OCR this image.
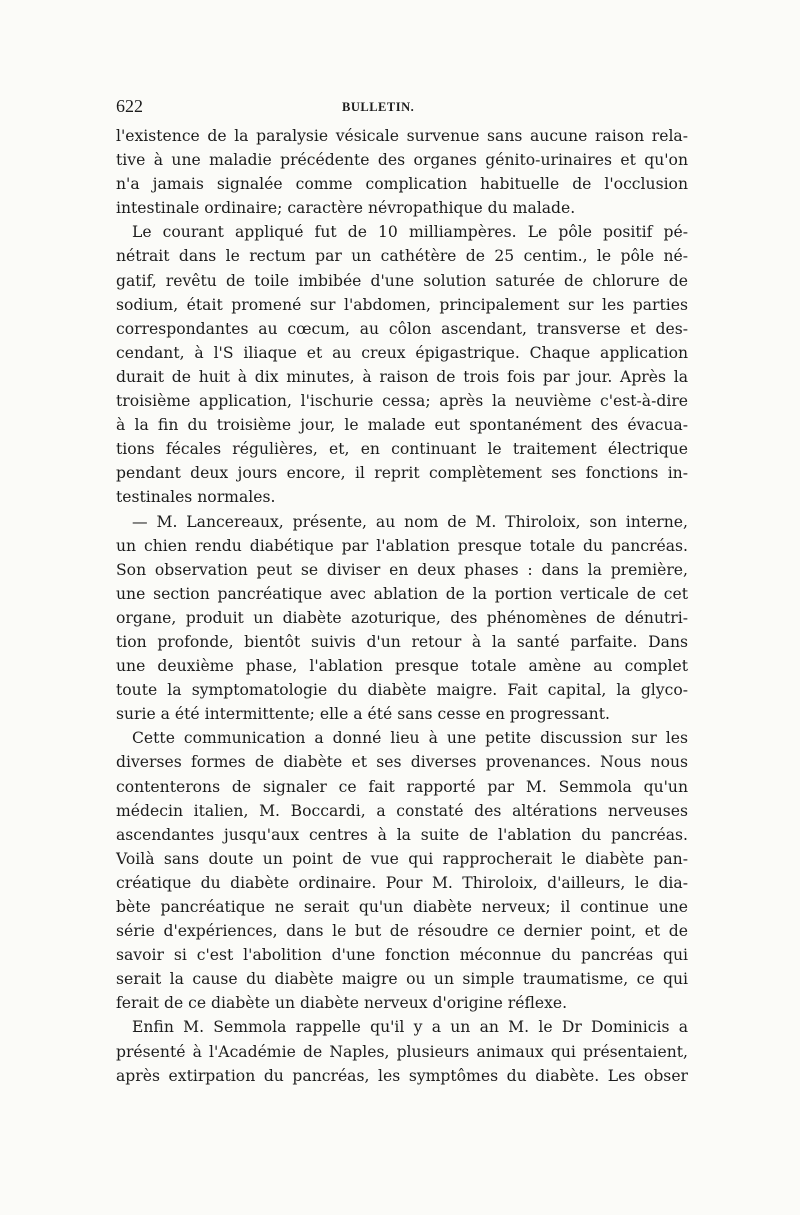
622	BULLETIN.
l'existence de la paralysie vésicale survenue sans aucune raison rela-
tive à une maladie précédente des organes génito-urinaires et qu'on
n'a jamais signalée comme complication habituelle de l'occlusion
intestinale ordinaire; caractère névropathique du malade.
Le courant appliqué fut de 10 milliampères. Le pôle positif pé-
nétrait dans le rectum par un cathétère de 25 centim., le pôle né-
gatif, revêtu de toile imbibée d'une solution saturée de chlorure de
sodium, était promené sur l'abdomen, principalement sur les parties
correspondantes au cœcum, au côlon ascendant, transverse et des-
cendant, à l'S iliaque et au creux épigastrique. Chaque application
durait de huit à dix minutes, à raison de trois fois par jour. Après la
troisième application, l'ischurie cessa; après la neuvième c'est-à-dire
à la fin du troisième jour, le malade eut spontanément des évacua-
tions fécales régulières, et, en continuant le traitement électrique
pendant deux jours encore, il reprit complètement ses fonctions in-
testinales normales.
— M. Lancereaux, présente, au nom de M. Thiroloix, son interne,
un chien rendu diabétique par l'ablation presque totale du pancréas.
Son observation peut se diviser en deux phases : dans la première,
une section pancréatique avec ablation de la portion verticale de cet
organe, produit un diabète azoturique, des phénomènes de dénutri-
tion profonde, bientôt suivis d'un retour à la santé parfaite. Dans
une deuxième phase, l'ablation presque totale amène au complet
toute la symptomatologie du diabète maigre. Fait capital, la glyco-
surie a été intermittente; elle a été sans cesse en progressant.
Cette communication a donné lieu à une petite discussion sur les
diverses formes de diabète et ses diverses provenances. Nous nous
contenterons de signaler ce fait rapporté par M. Semmola qu'un
médecin italien, M. Boccardi, a constaté des altérations nerveuses
ascendantes jusqu'aux centres à la suite de l'ablation du pancréas.
Voilà sans doute un point de vue qui rapprocherait le diabète pan-
créatique du diabète ordinaire. Pour M. Thiroloix, d'ailleurs, le dia-
bète pancréatique ne serait qu'un diabète nerveux; il continue une
série d'expériences, dans le but de résoudre ce dernier point, et de
savoir si c'est l'abolition d'une fonction méconnue du pancréas qui
serait la cause du diabète maigre ou un simple traumatisme, ce qui
ferait de ce diabète un diabète nerveux d'origine réflexe.
Enfin M. Semmola rappelle qu'il y a un an M. le Dr Dominicis a
présenté à l'Académie de Naples, plusieurs animaux qui présentaient,
après extirpation du pancréas, les symptômes du diabète. Les obser
